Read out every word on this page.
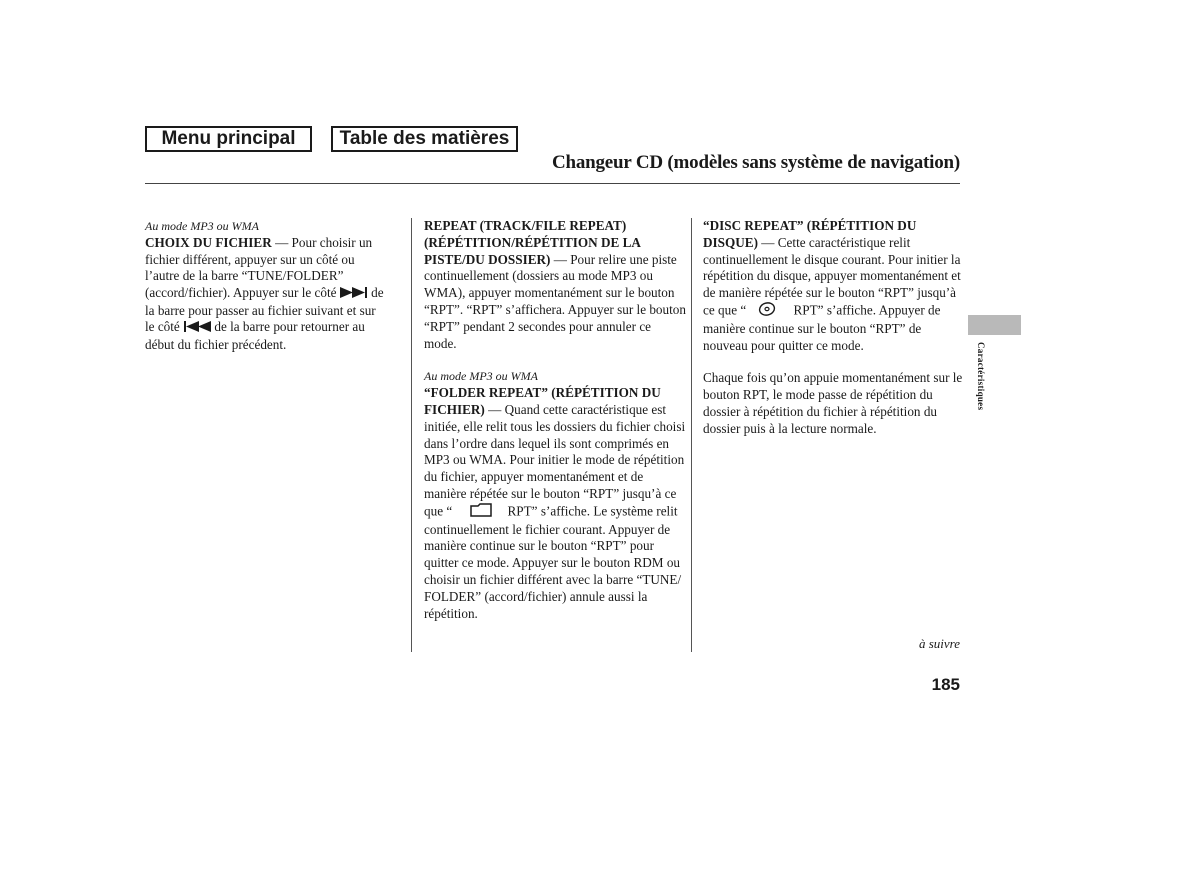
Menu principal	Table des matières
Changeur CD (modèles sans système de navigation)

Au mode MP3 ou WMA

CHOIX DU FICHIER — Pour choisir un fichier différent, appuyer sur un côté ou l’autre de la barre “TUNE/FOLDER” (accord/fichier). Appuyer sur le côté  de la barre pour passer au fichier suivant et sur le côté  de la barre pour retourner au début du fichier précédent.

REPEAT (TRACK/FILE REPEAT) (RÉPÉTITION/RÉPÉTITION DE LA PISTE/DU DOSSIER) — Pour relire une piste continuellement (dossiers au mode MP3 ou WMA), appuyer momentanément sur le bouton “RPT”. “RPT” s’affichera. Appuyer sur le bouton “RPT” pendant 2 secondes pour annuler ce mode.

Au mode MP3 ou WMA

“FOLDER REPEAT” (RÉPÉTITION DU FICHIER) — Quand cette caractéristique est initiée, elle relit tous les dossiers du fichier choisi dans l’ordre dans lequel ils sont comprimés en MP3 ou WMA. Pour initier le mode de répétition du fichier, appuyer momentanément et de manière répétée sur le bouton “RPT” jusqu’à ce que “	RPT” s’affiche. Le système relit continuellement le fichier courant. Appuyer de manière continue sur le bouton “RPT” pour quitter ce mode. Appuyer sur le bouton RDM ou choisir un fichier différent avec la barre “TUNE/ FOLDER” (accord/fichier) annule aussi la répétition.

“DISC REPEAT” (RÉPÉTITION DU DISQUE) — Cette caractéristique relit continuellement le disque courant. Pour initier la répétition du disque, appuyer momentanément et de manière répétée sur le bouton “RPT” jusqu’à ce que “	RPT” s’affiche. Appuyer de manière continue sur le bouton “RPT” de nouveau pour quitter ce mode.

Chaque fois qu’on appuie momentanément sur le bouton RPT, le mode passe de répétition du dossier à répétition du fichier à répétition du dossier puis à la lecture normale.

Caractéristiques
à suivre
185
